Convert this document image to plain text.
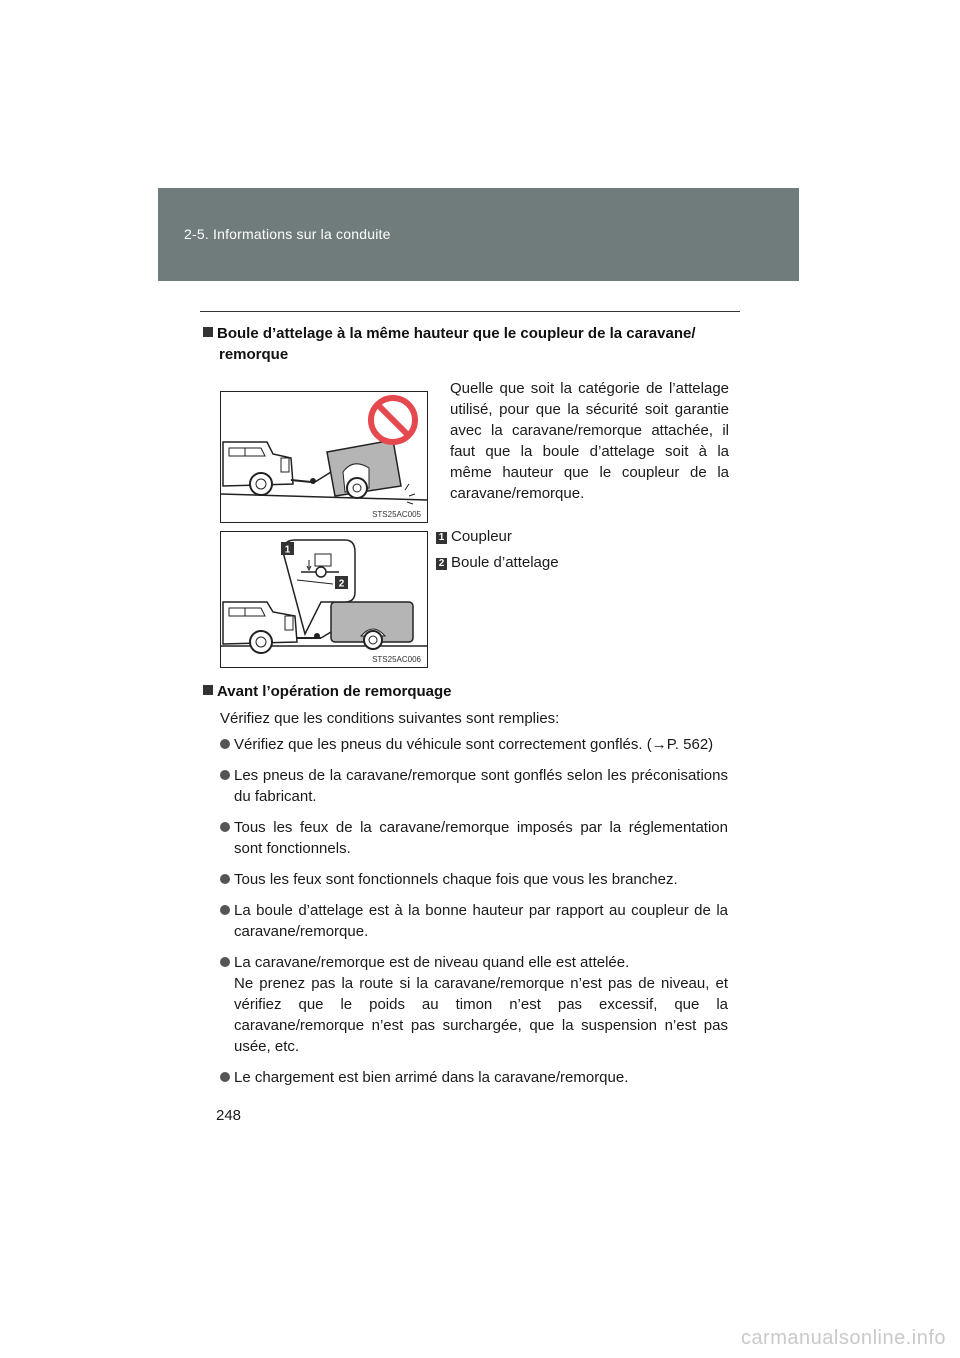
2-5. Informations sur la conduite
Boule d’attelage à la même hauteur que le coupleur de la caravane/
remorque
STS25AC005
1
2
STS25AC006
Quelle que soit la catégorie de l’attelage utilisé, pour que la sécurité soit garantie avec la caravane/remorque attachée, il faut que la boule d’attelage soit à la même hauteur que le coupleur de la caravane/remorque.
1 Coupleur
2 Boule d’attelage
Avant l’opération de remorquage
Vérifiez que les conditions suivantes sont remplies:
Vérifiez que les pneus du véhicule sont correctement gonflés. (→P. 562)
Les pneus de la caravane/remorque sont gonflés selon les préconisations du fabricant.
Tous les feux de la caravane/remorque imposés par la réglementation sont fonctionnels.
Tous les feux sont fonctionnels chaque fois que vous les branchez.
La boule d’attelage est à la bonne hauteur par rapport au coupleur de la caravane/remorque.
La caravane/remorque est de niveau quand elle est attelée.
Ne prenez pas la route si la caravane/remorque n’est pas de niveau, et vérifiez que le poids au timon n’est pas excessif, que la caravane/remorque n’est pas surchargée, que la suspension n’est pas usée, etc.
Le chargement est bien arrimé dans la caravane/remorque.
248
carmanualsonline.info
